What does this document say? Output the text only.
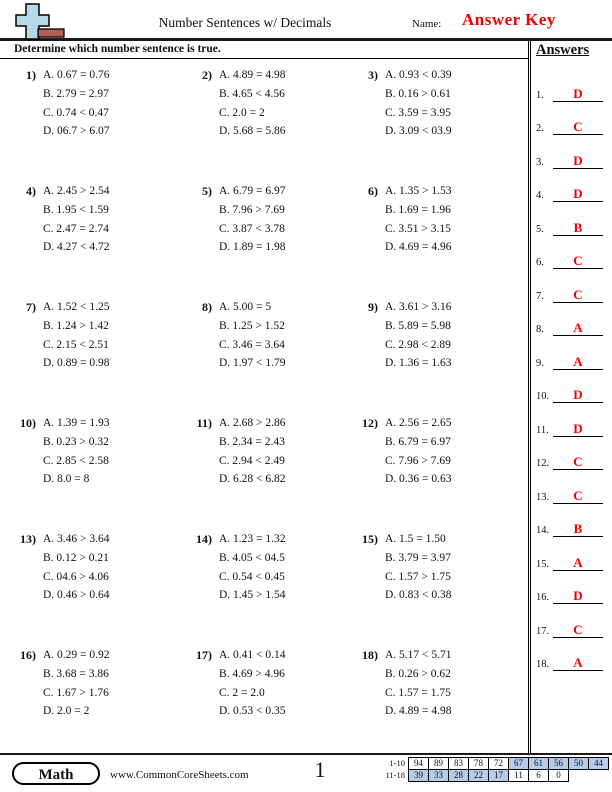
Number Sentences w/ Decimals	Name: Answer Key
Determine which number sentence is true.
1) A. 0.67 = 0.76
B. 2.79 = 2.97
C. 0.74 < 0.47
D. 06.7 > 6.07
2) A. 4.89 = 4.98
B. 4.65 < 4.56
C. 2.0 = 2
D. 5.68 = 5.86
3) A. 0.93 < 0.39
B. 0.16 > 0.61
C. 3.59 = 3.95
D. 3.09 < 03.9
4) A. 2.45 > 2.54
B. 1.95 < 1.59
C. 2.47 = 2.74
D. 4.27 < 4.72
5) A. 6.79 = 6.97
B. 7.96 > 7.69
C. 3.87 < 3.78
D. 1.89 = 1.98
6) A. 1.35 > 1.53
B. 1.69 = 1.96
C. 3.51 > 3.15
D. 4.69 = 4.96
7) A. 1.52 < 1.25
B. 1.24 > 1.42
C. 2.15 < 2.51
D. 0.89 = 0.98
8) A. 5.00 = 5
B. 1.25 > 1.52
C. 3.46 = 3.64
D. 1.97 < 1.79
9) A. 3.61 > 3.16
B. 5.89 = 5.98
C. 2.98 < 2.89
D. 1.36 = 1.63
10) A. 1.39 = 1.93
B. 0.23 > 0.32
C. 2.85 < 2.58
D. 8.0 = 8
11) A. 2.68 > 2.86
B. 2.34 = 2.43
C. 2.94 < 2.49
D. 6.28 < 6.82
12) A. 2.56 = 2.65
B. 6.79 = 6.97
C. 7.96 > 7.69
D. 0.36 = 0.63
13) A. 3.46 > 3.64
B. 0.12 > 0.21
C. 04.6 > 4.06
D. 0.46 > 0.64
14) A. 1.23 = 1.32
B. 4.05 < 04.5
C. 0.54 < 0.45
D. 1.45 > 1.54
15) A. 1.5 = 1.50
B. 3.79 = 3.97
C. 1.57 > 1.75
D. 0.83 < 0.38
16) A. 0.29 = 0.92
B. 3.68 = 3.86
C. 1.67 > 1.76
D. 2.0 = 2
17) A. 0.41 < 0.14
B. 4.69 > 4.96
C. 2 = 2.0
D. 0.53 < 0.35
18) A. 5.17 < 5.71
B. 0.26 > 0.62
C. 1.57 = 1.75
D. 4.89 = 4.98
Answers
1.	D
2.	C
3.	D
4.	D
5.	B
6.	C
7.	C
8.	A
9.	A
10.	D
11.	D
12.	C
13.	C
14.	B
15.	A
16.	D
17.	C
18.	A
Math	www.CommonCoreSheets.com	1	1-10	94	89	83	78	72	67	61	56	50	44
11-18	39	33	28	22	17	11	6	0
